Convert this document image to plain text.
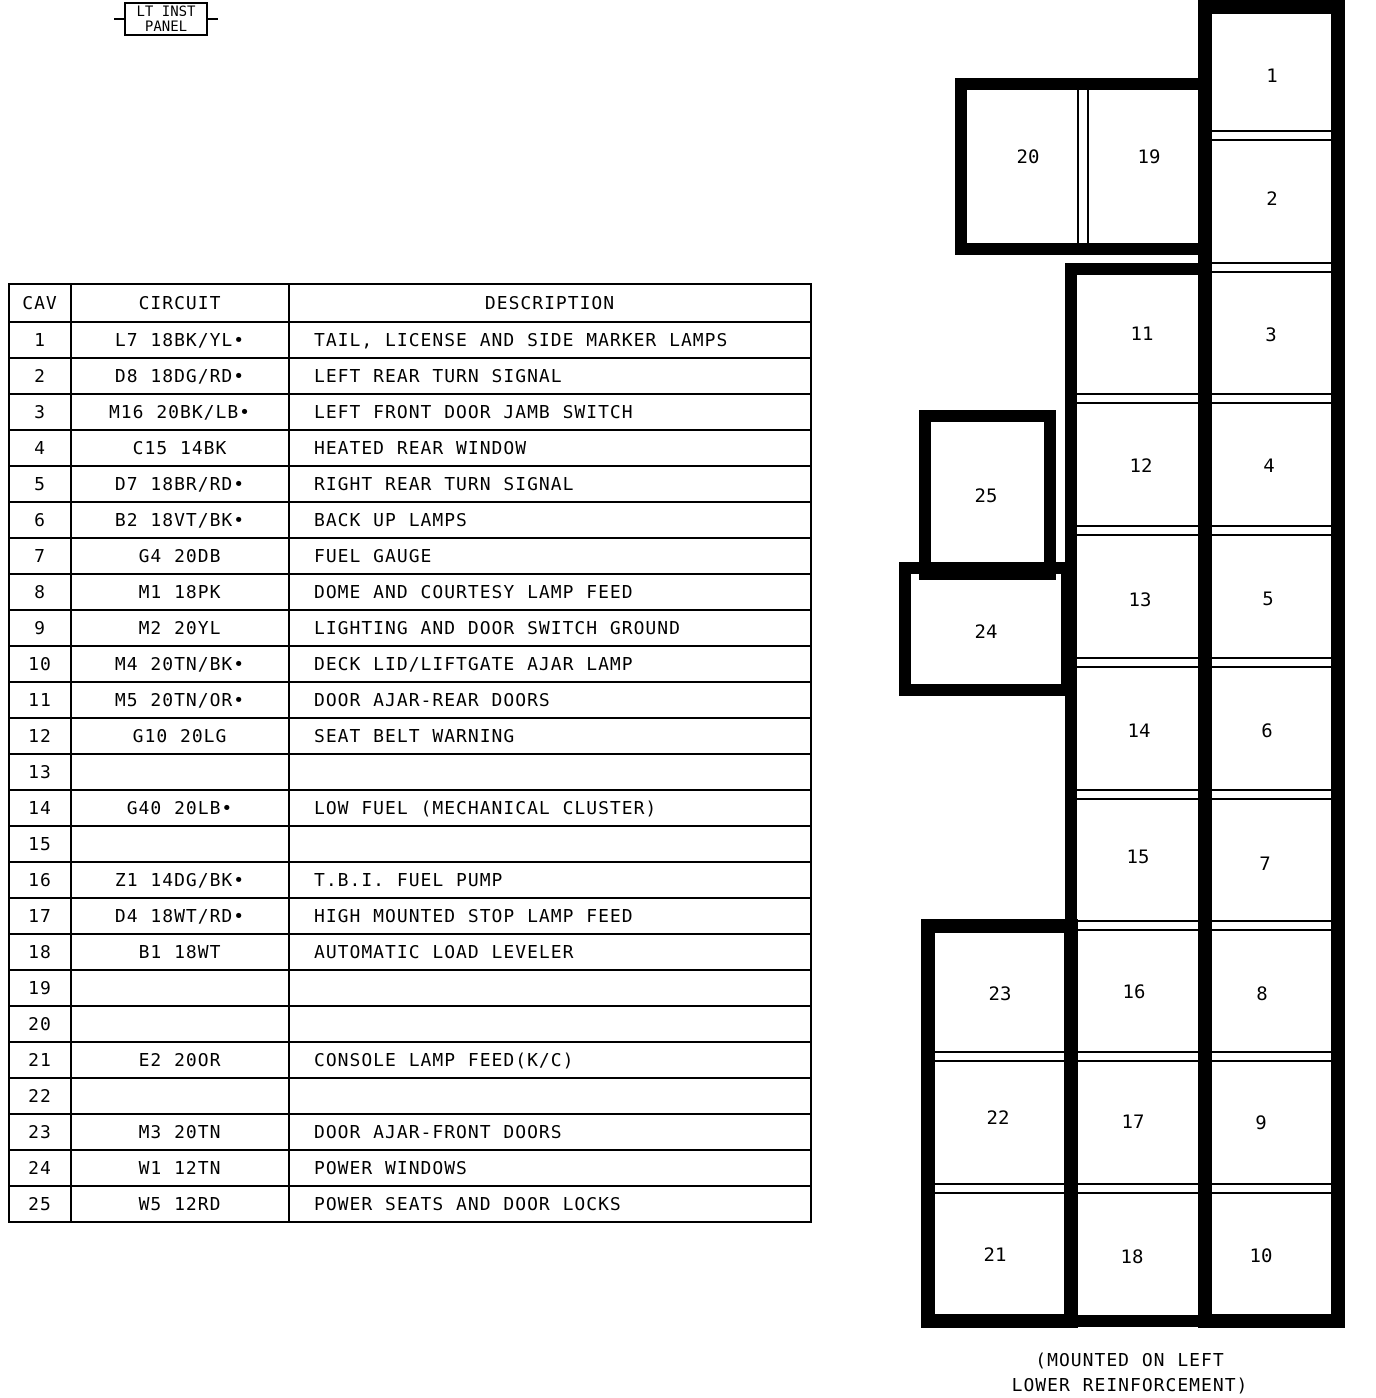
LT INST
PANEL
CAV	CIRCUIT	DESCRIPTION
1	L7 18BK/YL•	TAIL, LICENSE AND SIDE MARKER LAMPS
2	D8 18DG/RD•	LEFT REAR TURN SIGNAL
3	M16 20BK/LB•	LEFT FRONT DOOR JAMB SWITCH
4	C15 14BK	HEATED REAR WINDOW
5	D7 18BR/RD•	RIGHT REAR TURN SIGNAL
6	B2 18VT/BK•	BACK UP LAMPS
7	G4 20DB	FUEL GAUGE
8	M1 18PK	DOME AND COURTESY LAMP FEED
9	M2 20YL	LIGHTING AND DOOR SWITCH GROUND
10	M4 20TN/BK•	DECK LID/LIFTGATE AJAR LAMP
11	M5 20TN/OR•	DOOR AJAR-REAR DOORS
12	G10 20LG	SEAT BELT WARNING
13		
14	G40 20LB•	LOW FUEL (MECHANICAL CLUSTER)
15		
16	Z1 14DG/BK•	T.B.I. FUEL PUMP
17	D4 18WT/RD•	HIGH MOUNTED STOP LAMP FEED
18	B1 18WT	AUTOMATIC LOAD LEVELER
19		
20		
21	E2 20OR	CONSOLE LAMP FEED(K/C)
22		
23	M3 20TN	DOOR AJAR-FRONT DOORS
24	W1 12TN	POWER WINDOWS
25	W5 12RD	POWER SEATS AND DOOR LOCKS
1
2
3
4
5
6
7
8
9
10
11
12
13
14
15
16
17
18
19
20
21
22
23
24
25
(MOUNTED ON LEFT
LOWER REINFORCEMENT)
